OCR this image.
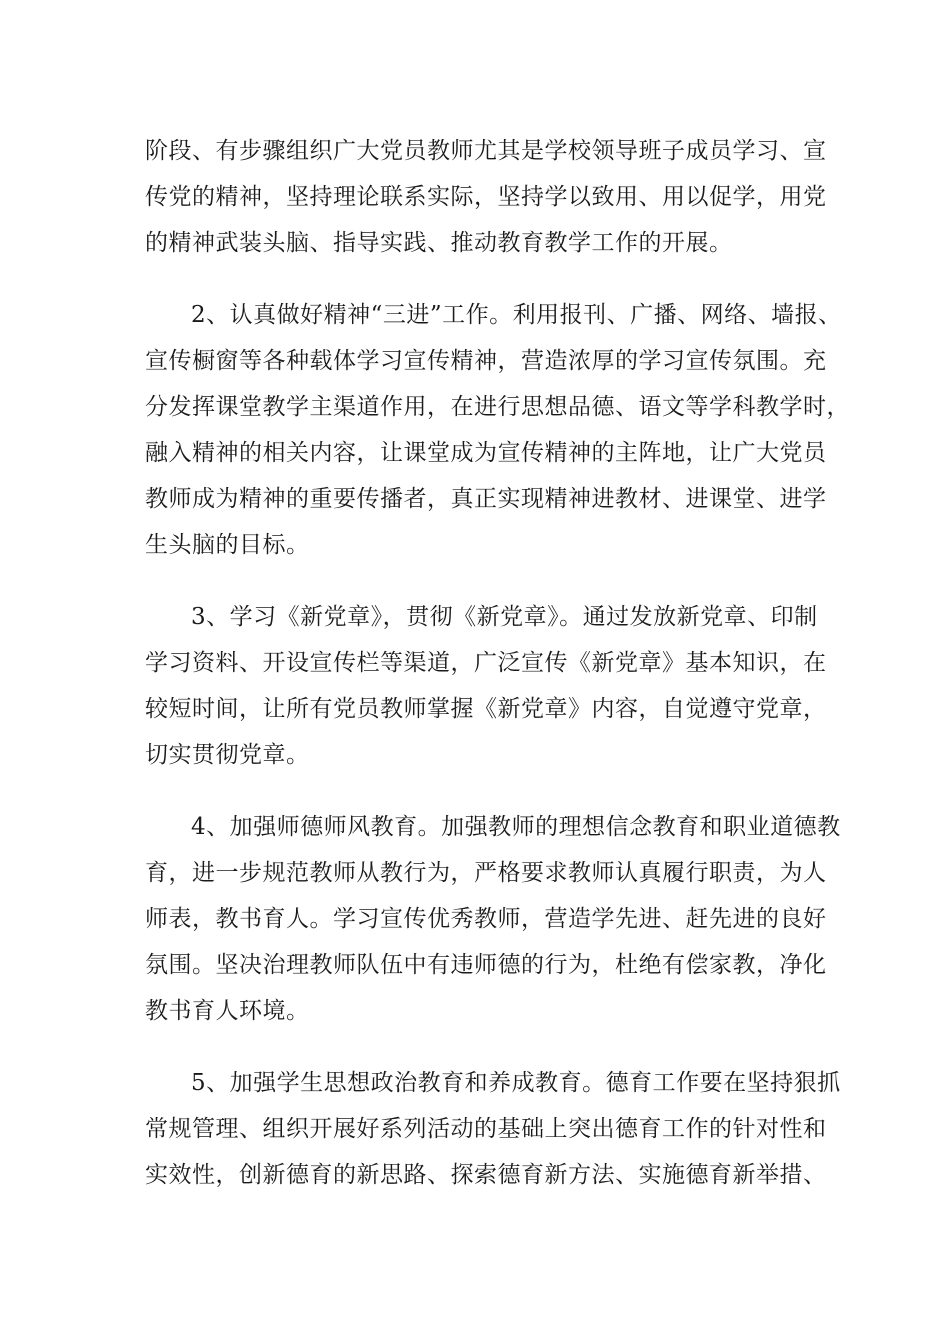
阶段、有步骤组织广大党员教师尤其是学校领导班子成员学习、宣
传党的精神，坚持理论联系实际，坚持学以致用、用以促学，用党
的精神武装头脑、指导实践、推动教育教学工作的开展。
2、认真做好精神“三进”工作。利用报刊、广播、网络、墙报、
宣传橱窗等各种载体学习宣传精神，营造浓厚的学习宣传氛围。充
分发挥课堂教学主渠道作用，在进行思想品德、语文等学科教学时，
融入精神的相关内容，让课堂成为宣传精神的主阵地，让广大党员
教师成为精神的重要传播者，真正实现精神进教材、进课堂、进学
生头脑的目标。
3、学习《新党章》，贯彻《新党章》。通过发放新党章、印制
学习资料、开设宣传栏等渠道，广泛宣传《新党章》基本知识，在
较短时间，让所有党员教师掌握《新党章》内容，自觉遵守党章，
切实贯彻党章。
4、加强师德师风教育。加强教师的理想信念教育和职业道德教
育，进一步规范教师从教行为，严格要求教师认真履行职责，为人
师表，教书育人。学习宣传优秀教师，营造学先进、赶先进的良好
氛围。坚决治理教师队伍中有违师德的行为，杜绝有偿家教，净化
教书育人环境。
5、加强学生思想政治教育和养成教育。德育工作要在坚持狠抓
常规管理、组织开展好系列活动的基础上突出德育工作的针对性和
实效性，创新德育的新思路、探索德育新方法、实施德育新举措、
